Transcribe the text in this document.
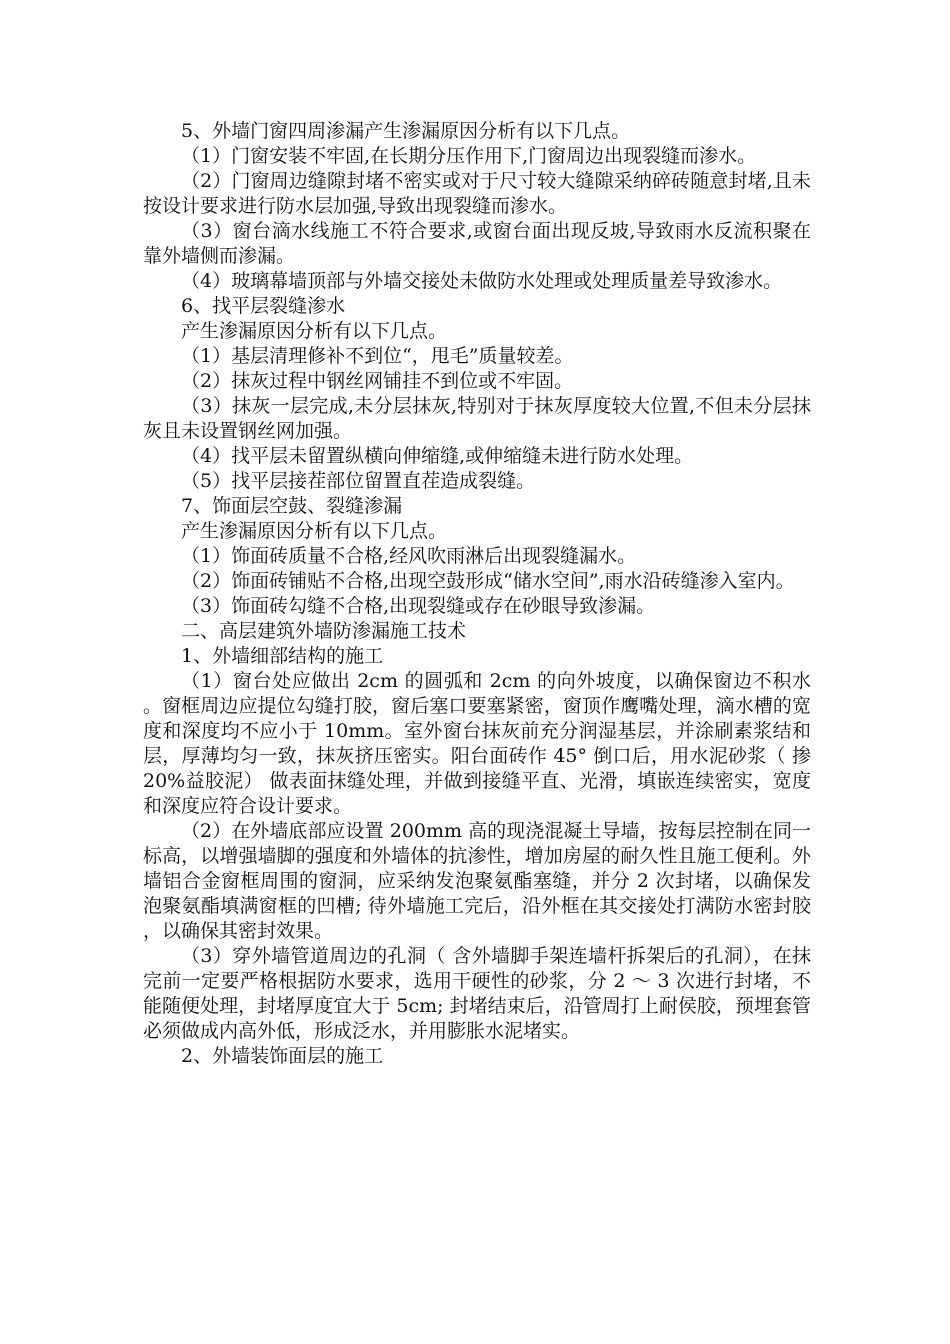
5、外墙门窗四周渗漏产生渗漏原因分析有以下几点。

（1）门窗安装不牢固,在长期分压作用下,门窗周边出现裂缝而渗水。

（2）门窗周边缝隙封堵不密实或对于尺寸较大缝隙采纳碎砖随意封堵,且未按设计要求进行防水层加强,导致出现裂缝而渗水。

（3）窗台滴水线施工不符合要求,或窗台面出现反坡,导致雨水反流积聚在靠外墙侧而渗漏。

（4）玻璃幕墙顶部与外墙交接处未做防水处理或处理质量差导致渗水。

6、找平层裂缝渗水

产生渗漏原因分析有以下几点。

（1）基层清理修补不到位“，甩毛”质量较差。

（2）抹灰过程中钢丝网铺挂不到位或不牢固。

（3）抹灰一层完成,未分层抹灰,特别对于抹灰厚度较大位置,不但未分层抹灰且未设置钢丝网加强。

（4）找平层未留置纵横向伸缩缝,或伸缩缝未进行防水处理。

（5）找平层接茬部位留置直茬造成裂缝。

7、饰面层空鼓、裂缝渗漏

产生渗漏原因分析有以下几点。

（1）饰面砖质量不合格,经风吹雨淋后出现裂缝漏水。

（2）饰面砖铺贴不合格,出现空鼓形成“储水空间”,雨水沿砖缝渗入室内。

（3）饰面砖勾缝不合格,出现裂缝或存在砂眼导致渗漏。

二、高层建筑外墙防渗漏施工技术

1、外墙细部结构的施工

（1）窗台处应做出 2cm 的圆弧和 2cm 的向外坡度，以确保窗边不积水。窗框周边应提位勾缝打胶，窗后塞口要塞紧密，窗顶作鹰嘴处理，滴水槽的宽度和深度均不应小于 10mm。室外窗台抹灰前充分润湿基层，并涂刷素浆结和层，厚薄均匀一致，抹灰挤压密实。阳台面砖作 45° 倒口后，用水泥砂浆（ 掺 20%益胶泥） 做表面抹缝处理，并做到接缝平直、光滑，填嵌连续密实，宽度和深度应符合设计要求。

（2）在外墙底部应设置 200mm 高的现浇混凝土导墙，按每层控制在同一标高，以增强墙脚的强度和外墙体的抗渗性，增加房屋的耐久性且施工便利。外墙铝合金窗框周围的窗洞，应采纳发泡聚氨酯塞缝，并分 2 次封堵，以确保发泡聚氨酯填满窗框的凹槽; 待外墙施工完后，沿外框在其交接处打满防水密封胶，以确保其密封效果。

（3）穿外墙管道周边的孔洞（ 含外墙脚手架连墙杆拆架后的孔洞），在抹完前一定要严格根据防水要求，选用干硬性的砂浆，分 2 ～ 3 次进行封堵，不能随便处理，封堵厚度宜大于 5cm; 封堵结束后，沿管周打上耐侯胶，预埋套管必须做成内高外低，形成泛水，并用膨胀水泥堵实。

2、外墙装饰面层的施工
